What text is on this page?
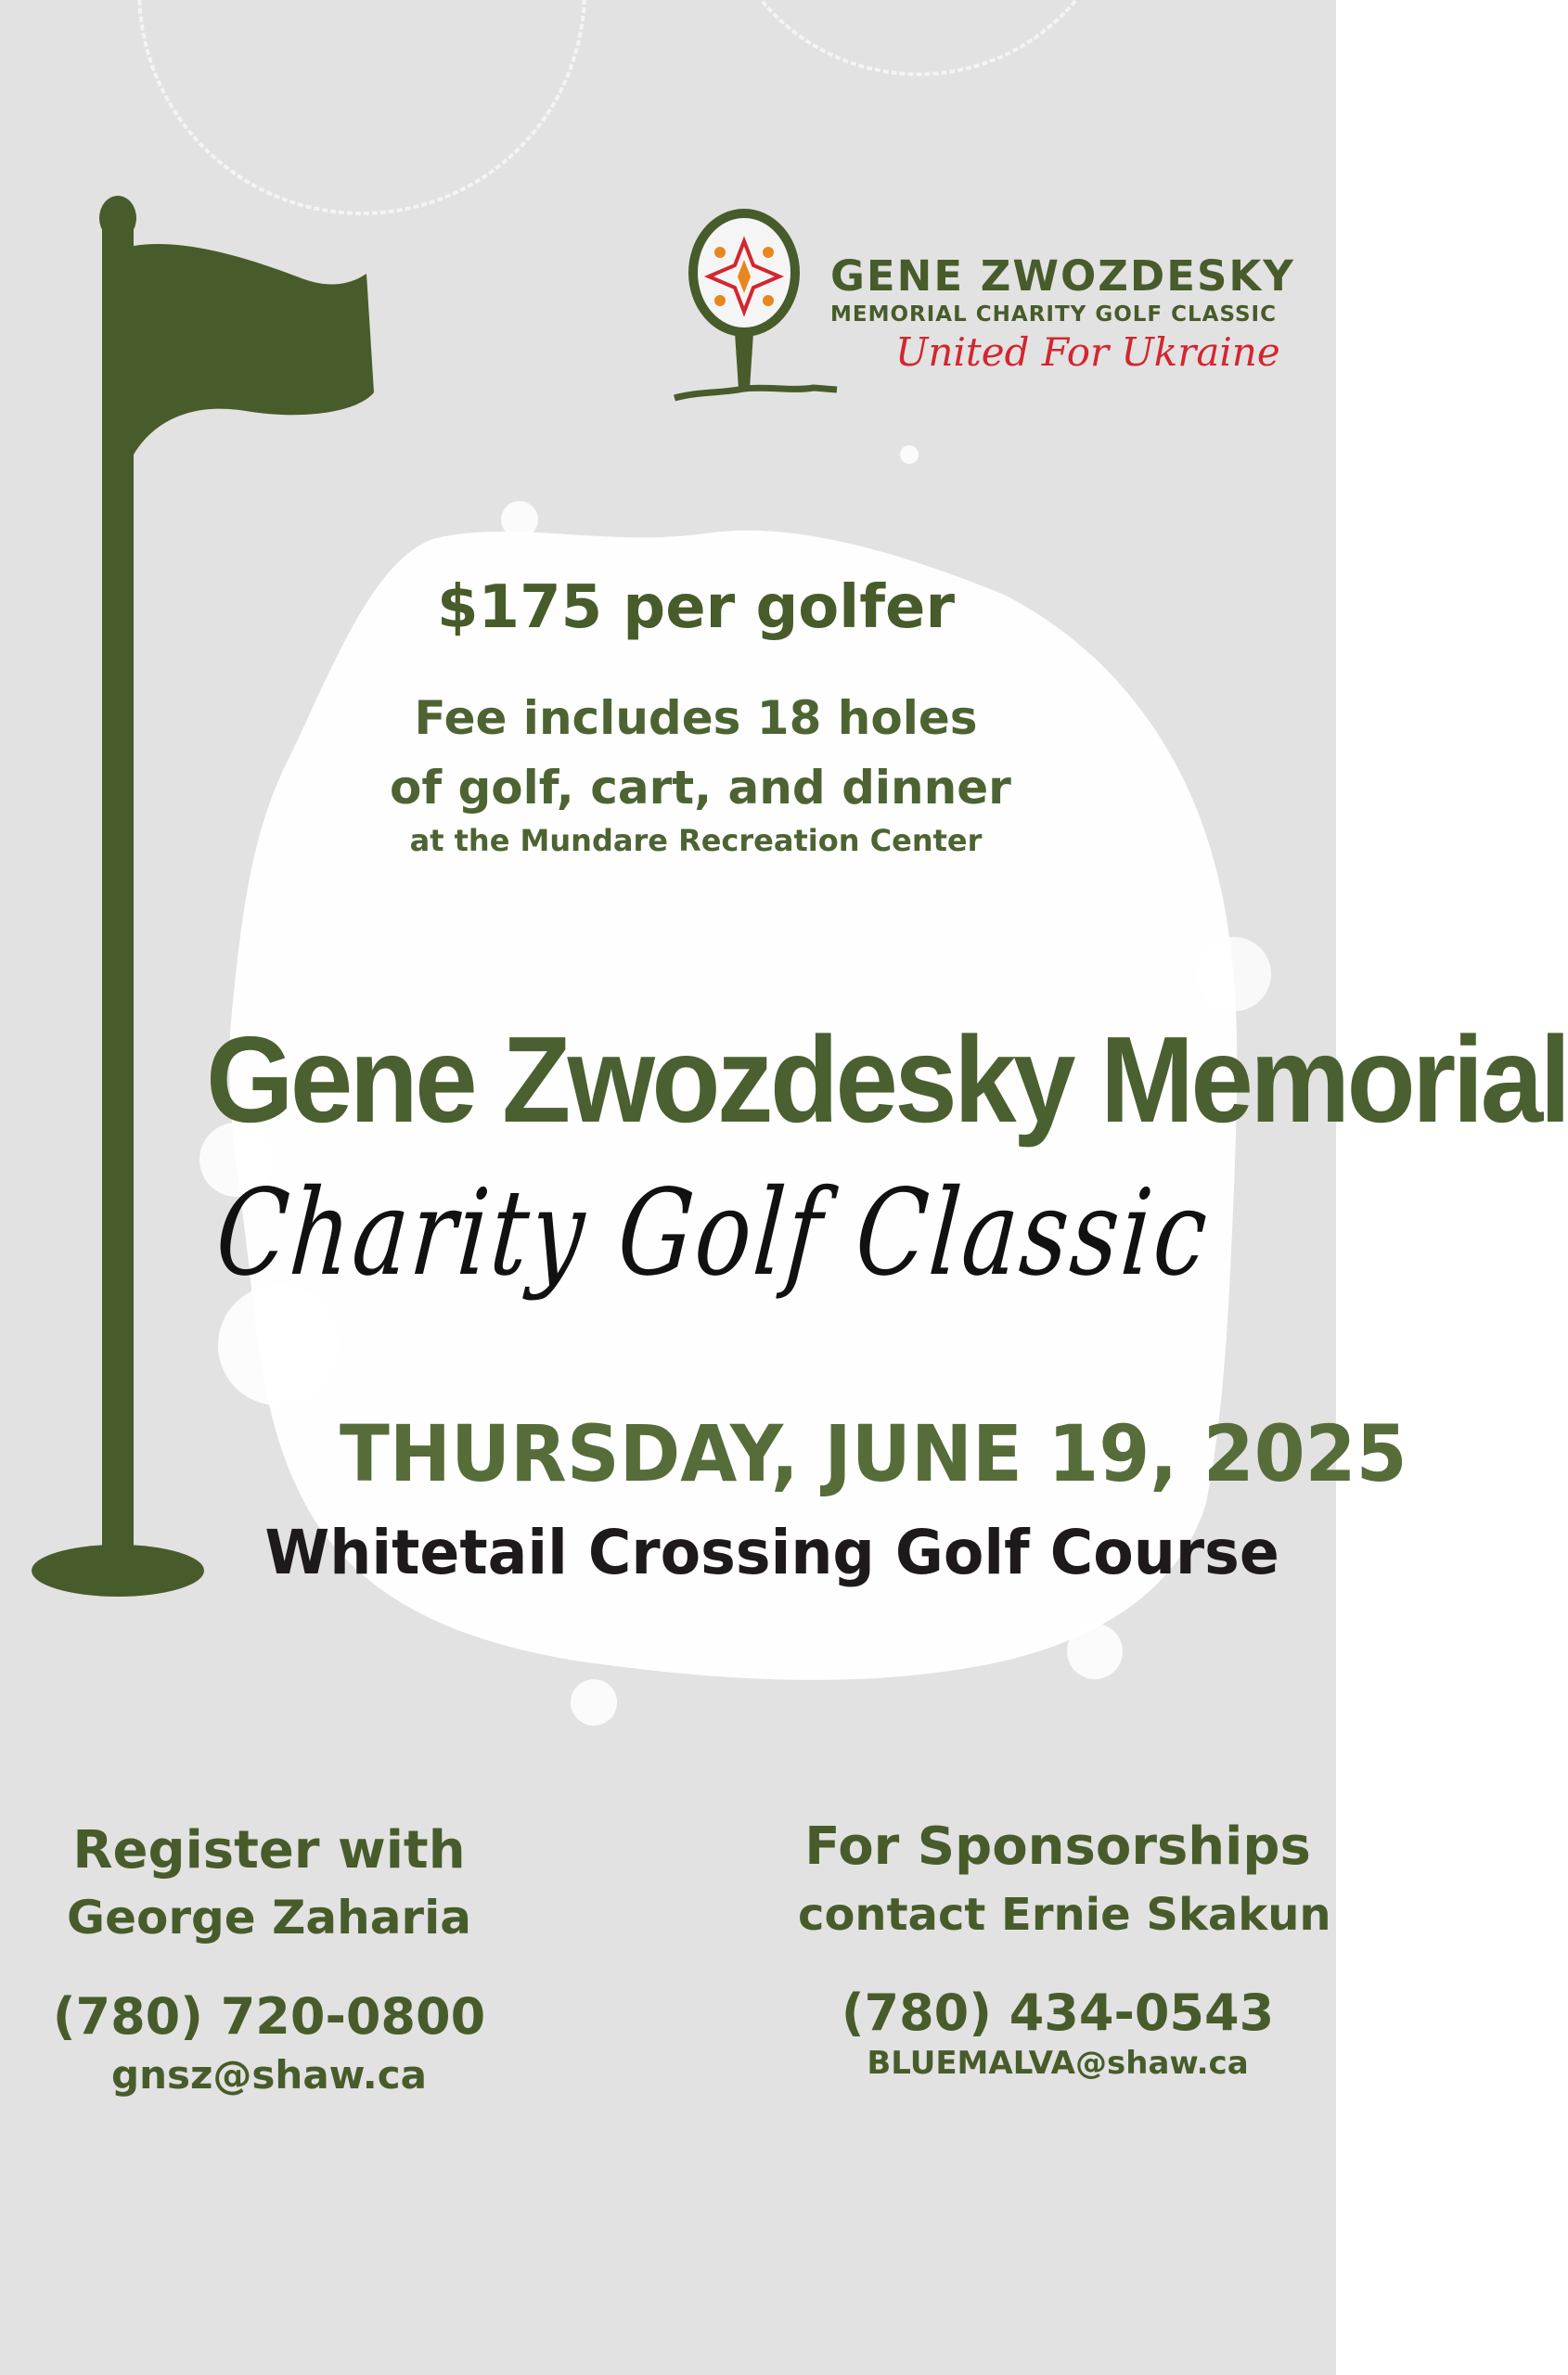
GENE ZWOZDESKY
MEMORIAL CHARITY GOLF CLASSIC
United For Ukraine
$175 per golfer
Fee includes 18 holes
of golf, cart, and dinner
at the Mundare Recreation Center
Gene Zwozdesky Memorial
Charity Golf Classic
THURSDAY, JUNE 19, 2025
Whitetail Crossing Golf Course
Register with
George Zaharia
(780) 720-0800
gnsz@shaw.ca
For Sponsorships
contact Ernie Skakun
(780) 434-0543
BLUEMALVA@shaw.ca
